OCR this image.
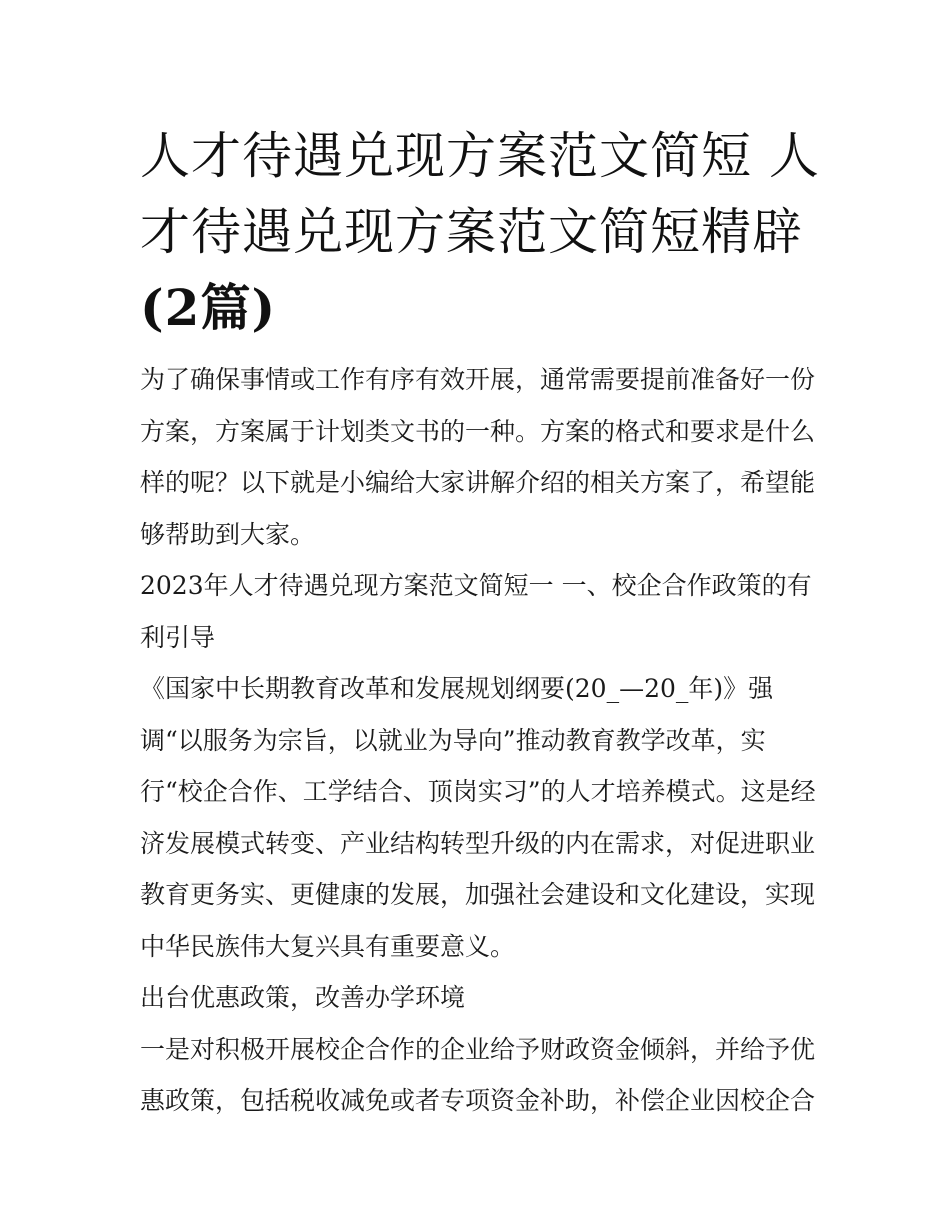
人才待遇兑现方案范文简短 人才待遇兑现方案范文简短精辟(2篇)

为了确保事情或工作有序有效开展，通常需要提前准备好一份方案，方案属于计划类文书的一种。方案的格式和要求是什么样的呢？以下就是小编给大家讲解介绍的相关方案了，希望能够帮助到大家。

2023年人才待遇兑现方案范文简短一 一、校企合作政策的有利引导

《国家中长期教育改革和发展规划纲要(20_—20_年)》强调“以服务为宗旨，以就业为导向”推动教育教学改革，实行“校企合作、工学结合、顶岗实习”的人才培养模式。这是经济发展模式转变、产业结构转型升级的内在需求，对促进职业教育更务实、更健康的发展，加强社会建设和文化建设，实现中华民族伟大复兴具有重要意义。

出台优惠政策，改善办学环境

一是对积极开展校企合作的企业给予财政资金倾斜，并给予优惠政策，包括税收减免或者专项资金补助，补偿企业因校企合
